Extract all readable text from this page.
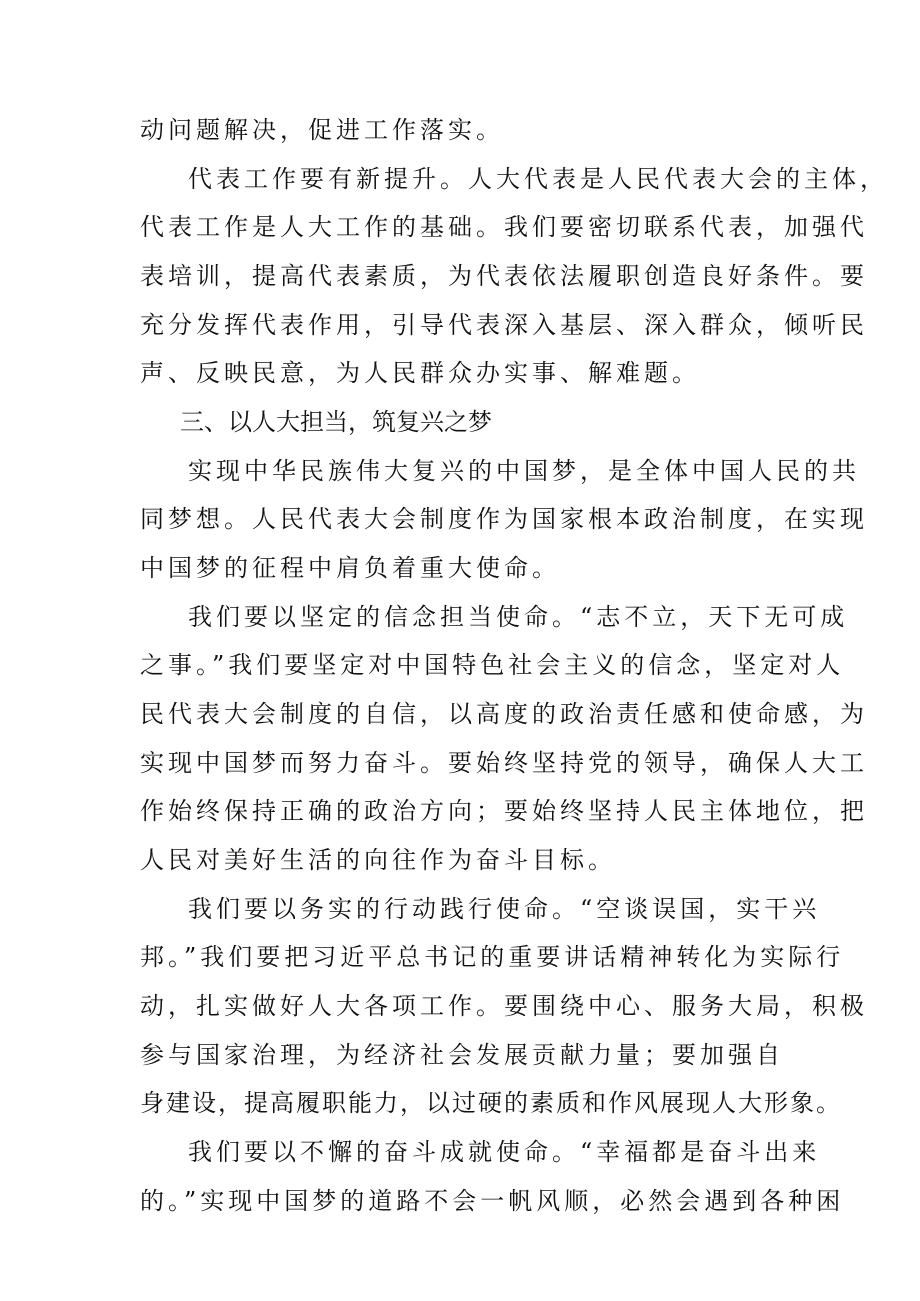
动问题解决，促进工作落实。
代表工作要有新提升。人大代表是人民代表大会的主体，
代表工作是人大工作的基础。我们要密切联系代表，加强代
表培训，提高代表素质，为代表依法履职创造良好条件。要
充分发挥代表作用，引导代表深入基层、深入群众，倾听民
声、反映民意，为人民群众办实事、解难题。
三、以人大担当，筑复兴之梦
实现中华民族伟大复兴的中国梦，是全体中国人民的共
同梦想。人民代表大会制度作为国家根本政治制度，在实现
中国梦的征程中肩负着重大使命。
我们要以坚定的信念担当使命。“志不立，天下无可成
之事。”我们要坚定对中国特色社会主义的信念，坚定对人
民代表大会制度的自信，以高度的政治责任感和使命感，为
实现中国梦而努力奋斗。要始终坚持党的领导，确保人大工
作始终保持正确的政治方向；要始终坚持人民主体地位，把
人民对美好生活的向往作为奋斗目标。
我们要以务实的行动践行使命。“空谈误国，实干兴
邦。”我们要把习近平总书记的重要讲话精神转化为实际行
动，扎实做好人大各项工作。要围绕中心、服务大局，积极
参与国家治理，为经济社会发展贡献力量；要加强自
身建设，提高履职能力，以过硬的素质和作风展现人大形象。
我们要以不懈的奋斗成就使命。“幸福都是奋斗出来
的。”实现中国梦的道路不会一帆风顺，必然会遇到各种困
